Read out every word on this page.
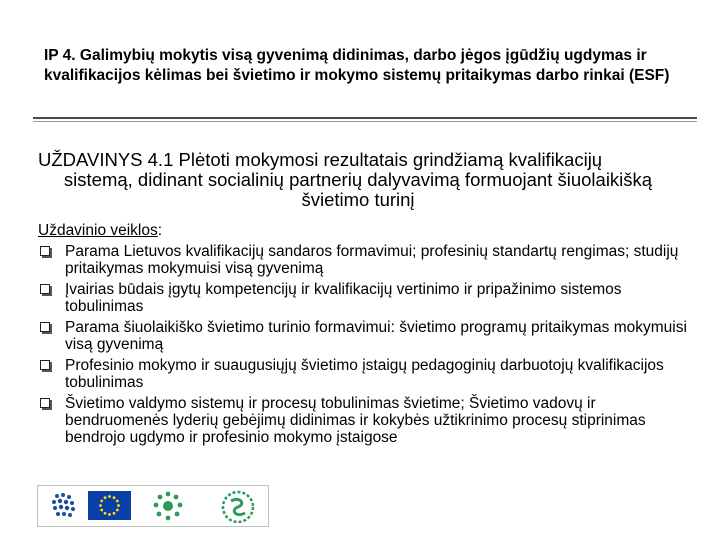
IP 4. Galimybių mokytis visą gyvenimą didinimas, darbo jėgos įgūdžių ugdymas ir kvalifikacijos kėlimas bei švietimo ir mokymo sistemų pritaikymas darbo rinkai (ESF)
UŽDAVINYS 4.1 Plėtoti mokymosi rezultatais grindžiamą kvalifikacijų
sistemą, didinant socialinių partnerių dalyvavimą formuojant šiuolaikišką švietimo turinį
Uždavinio veiklos:
Parama Lietuvos kvalifikacijų sandaros formavimui; profesinių standartų rengimas; studijų pritaikymas mokymuisi visą gyvenimą
Įvairias būdais įgytų kompetencijų ir kvalifikacijų vertinimo ir pripažinimo sistemos tobulinimas
Parama šiuolaikiško švietimo turinio formavimui: švietimo programų pritaikymas mokymuisi visą gyvenimą
Profesinio mokymo ir suaugusiųjų švietimo įstaigų pedagoginių darbuotojų kvalifikacijos tobulinimas
Švietimo valdymo sistemų ir procesų tobulinimas švietime; Švietimo vadovų ir bendruomenės lyderių gebėjimų didinimas ir kokybės užtikrinimo procesų stiprinimas bendrojo ugdymo ir profesinio mokymo įstaigose
